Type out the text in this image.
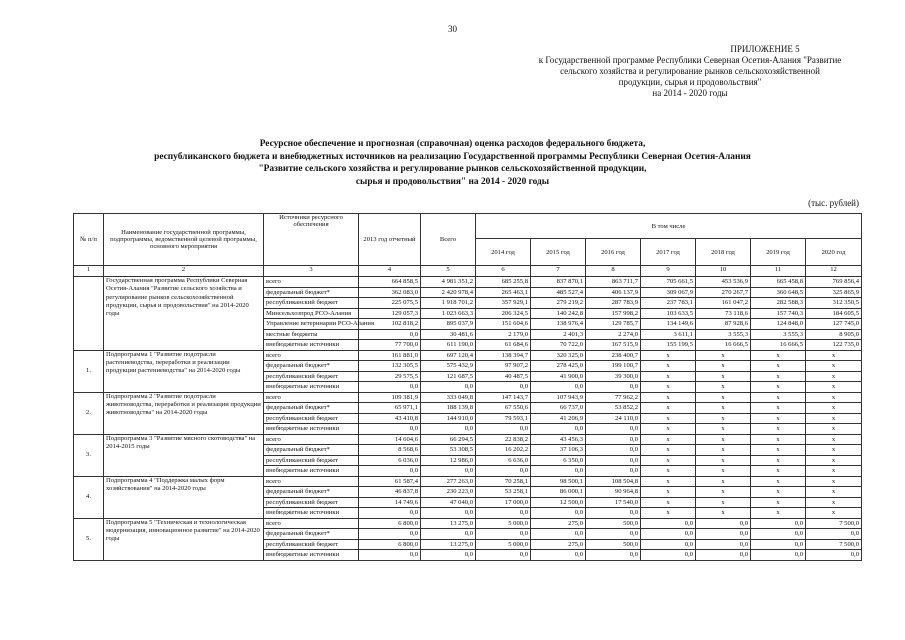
30
ПРИЛОЖЕНИЕ 5
к Государственной программе Республики Северная Осетия-Алания "Развитие
сельского хозяйства и регулирование рынков сельскохозяйственной
продукции, сырья и продовольствия"
на 2014 - 2020 годы
Ресурсное обеспечение и прогнозная (справочная) оценка расходов федерального бюджета,
республиканского бюджета и внебюджетных источников на реализацию Государственной программы Республики Северная Осетия-Алания
"Развитие сельского хозяйства и регулирование рынков сельскохозяйственной продукции,
сырья и продовольствия" на 2014 - 2020 годы
(тыс. рублей)
№ п/п	Наименование государственной программы, подпрограммы, ведомственной целевой программы, основного мероприятия	Источники ресурсного обеспечения	2013 год отчетный	Всего	В том числе						
					2014 год	2015 год	2016 год	2017 год	2018 год	2019 год	2020 год
1	2	3	4	5	6	7	8	9	10	11	12
	Государственная программа Республики Северная Осетия-Алания "Развитие сельского хозяйства и регулирование рынков сельскохозяйственной продукции, сырья и продовольствия" на 2014-2020 годы	всего	664 858,5	4 981 351,2	685 255,8	837 870,1	863 711,7	705 661,5	453 536,9	665 458,8	769 856,4
		федеральный бюджет*	362 083,0	2 420 978,4	265 463,1	485 527,4	406 137,9	309 067,9	270 267,7	360 648,5	325 865,9
		республиканский бюджет	225 075,5	1 918 701,2	357 929,1	279 219,2	287 783,9	237 783,1	161 047,2	282 588,3	312 350,5
		Минсельхозпрод РСО-Алания	129 057,3	1 023 663,3	206 324,5	140 242,8	157 998,2	103 633,5	73 118,6	157 740,3	184 605,5
		Управление ветеринарии РСО-Алания	102 818,2	895 037,9	151 604,6	138 976,4	129 785,7	134 149,6	87 928,6	124 848,0	127 745,0
		местные бюджеты	0,0	30 481,6	2 179,0	2 401,3	2 274,0	3 611,1	3 555,3	3 555,3	8 905,0
		внебюджетные источники	77 700,0	611 190,0	61 684,6	70 722,0	167 515,9	155 199,5	16 666,5	16 666,5	122 735,0
1.	Подпрограмма 1 "Развитие подотрасли растениеводства, переработки и реализации продукции растениеводства" на 2014-2020 годы	всего	161 881,0	697 120,4	138 394,7	320 325,0	238 400,7	x	x	x	x
		федеральный бюджет*	132 305,5	575 432,9	97 907,2	278 425,0	199 100,7	x	x	x	x
		республиканский бюджет	29 575,5	121 687,5	40 487,5	41 900,0	39 300,0	x	x	x	x
		внебюджетные источники	0,0	0,0	0,0	0,0	0,0	x	x	x	x
2.	Подпрограмма 2 "Развитие подотрасли животноводства, переработки и реализации продукции животноводства" на 2014-2020 годы	всего	109 381,9	333 049,8	147 143,7	107 943,9	77 962,2	x	x	x	x
		федеральный бюджет*	65 971,1	188 139,8	67 550,6	66 737,0	53 852,2	x	x	x	x
		республиканский бюджет	43 410,8	144 910,0	79 593,1	41 206,9	24 110,0	x	x	x	x
		внебюджетные источники	0,0	0,0	0,0	0,0	0,0	x	x	x	x
3.	Подпрограмма 3 "Развитие мясного скотоводства" на 2014-2015 годы	всего	14 604,6	66 294,5	22 838,2	43 456,3	0,0	x	x	x	x
		федеральный бюджет*	8 568,6	53 308,5	16 202,2	37 106,3	0,0	x	x	x	x
		республиканский бюджет	6 036,0	12 986,0	6 636,0	6 350,0	0,0	x	x	x	x
		внебюджетные источники	0,0	0,0	0,0	0,0	0,0	x	x	x	x
4.	Подпрограмма 4 "Поддержка малых форм хозяйствования" на 2014-2020 годы	всего	61 587,4	277 263,0	70 258,1	98 500,1	108 504,8	x	x	x	x
		федеральный бюджет*	46 837,8	230 223,0	53 258,1	86 000,1	90 964,8	x	x	x	x
		республиканский бюджет	14 749,6	47 040,0	17 000,0	12 500,0	17 540,0	x	x	x	x
		внебюджетные источники	0,0	0,0	0,0	0,0	0,0	x	x	x	x
5.	Подпрограмма 5 "Техническая и технологическая модернизация, инновационное развитие" на 2014-2020 годы	всего	6 800,0	13 275,0	5 000,0	275,0	500,0	0,0	0,0	0,0	7 500,0
		федеральный бюджет*	0,0	0,0	0,0	0,0	0,0	0,0	0,0	0,0	0,0
		республиканский бюджет	6 800,0	13 275,0	5 000,0	275,0	500,0	0,0	0,0	0,0	7 500,0
		внебюджетные источники	0,0	0,0	0,0	0,0	0,0	0,0	0,0	0,0	0,0
